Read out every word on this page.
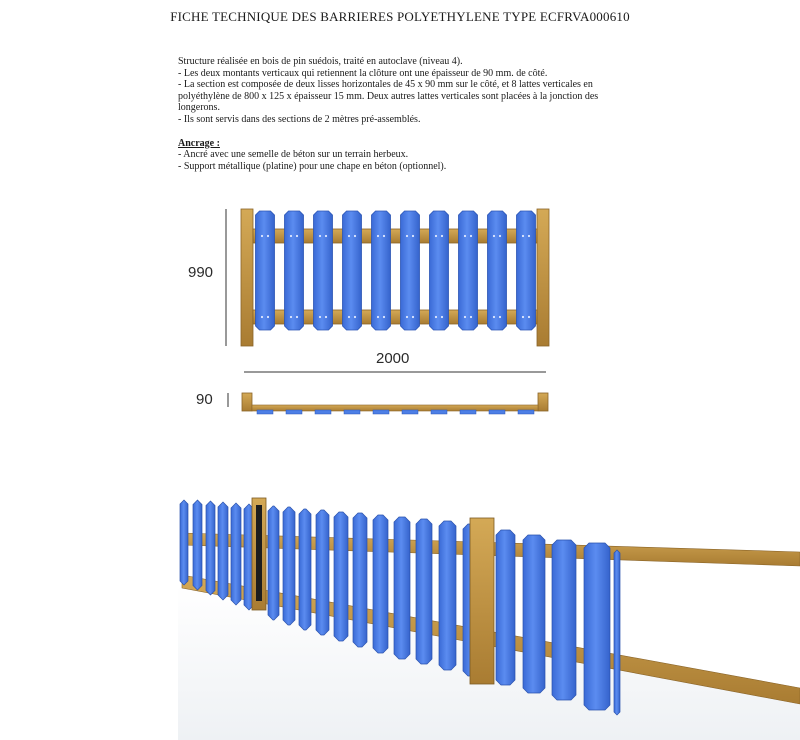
FICHE TECHNIQUE DES BARRIERES POLYETHYLENE TYPE ECFRVA000610

Structure réalisée en bois de pin suédois, traité en autoclave (niveau 4).

- Les deux montants verticaux qui retiennent la clôture ont une épaisseur de 90 mm. de côté.

- La section est composée de deux lisses horizontales de 45 x 90 mm sur le côté, et 8 lattes verticales en polyéthylène de 800 x 125 x épaisseur 15 mm. Deux autres lattes verticales sont placées à la jonction des longerons.

- Ils sont servis dans des sections de 2 mètres pré-assemblés.

Ancrage :

- Ancré avec une semelle de béton sur un terrain herbeux.

- Support métallique (platine) pour une chape en béton (optionnel).

990
2000
90
